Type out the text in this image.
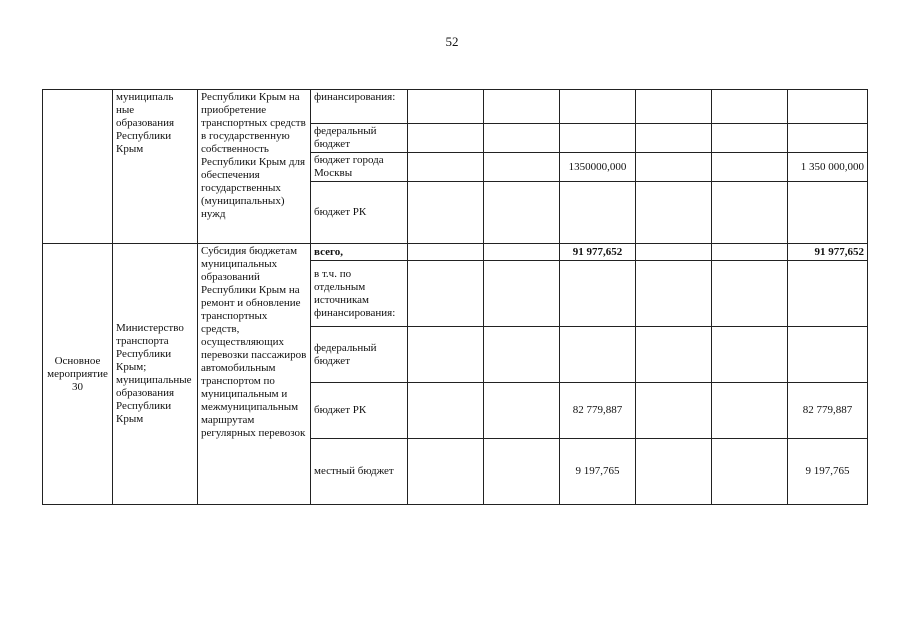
52
	муниципаль ные образования Республики Крым	Республики Крым на приобретение транспортных средств в государственную собственность Республики Крым для обеспечения государственных (муниципальных) нужд	финансирования:						
			федеральный бюджет						
			бюджет города Москвы			1350000,000			1 350 000,000
			бюджет РК						
Основное мероприятие 30	Министерство транспорта Республики Крым; муниципальные образования Республики Крым	Субсидия бюджетам муниципальных образований Республики Крым на ремонт и обновление транспортных средств, осуществляющих перевозки пассажиров автомобильным транспортом по муниципальным и межмуниципальным маршрутам регулярных перевозок	всего,			91 977,652			91 977,652
			в т.ч. по отдельным источникам финансирования:						
			федеральный бюджет						
			бюджет РК			82 779,887			82 779,887
			местный бюджет			9 197,765			9 197,765
